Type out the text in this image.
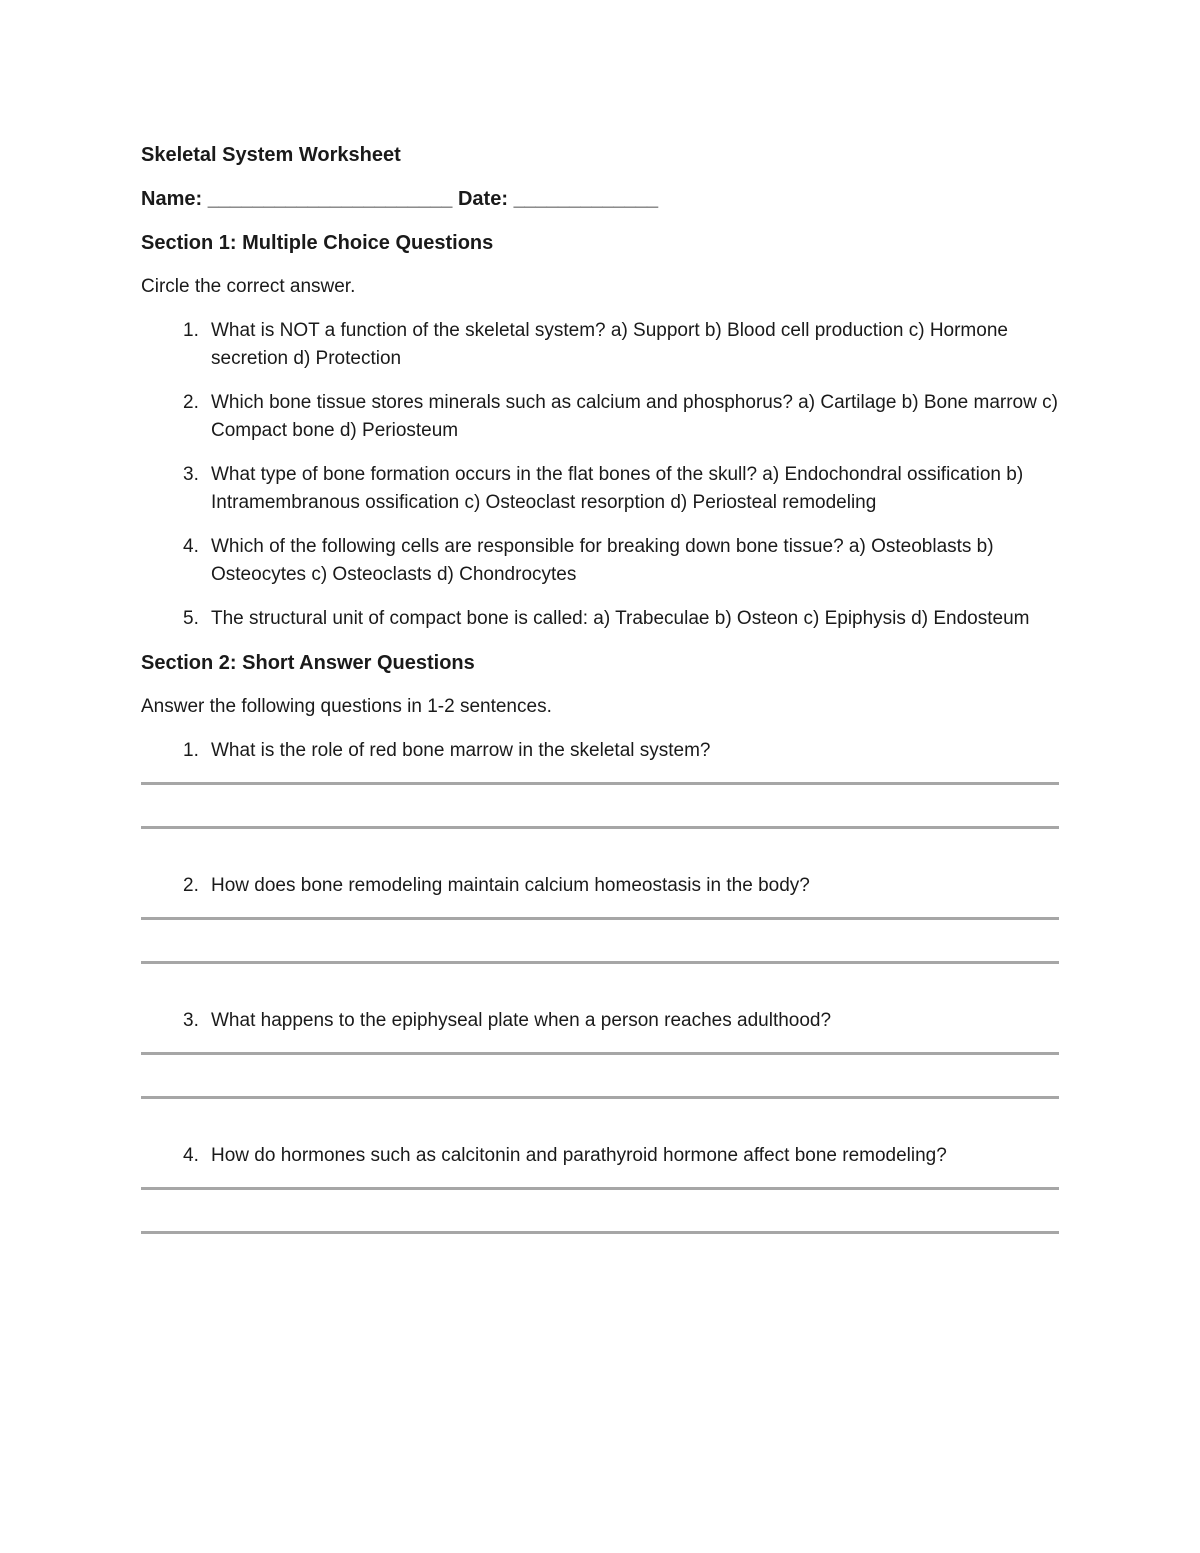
Skeletal System Worksheet
Name: ______________________ Date: _____________
Section 1: Multiple Choice Questions
Circle the correct answer.
1. What is NOT a function of the skeletal system? a) Support b) Blood cell production c) Hormone secretion d) Protection
2. Which bone tissue stores minerals such as calcium and phosphorus? a) Cartilage b) Bone marrow c) Compact bone d) Periosteum
3. What type of bone formation occurs in the flat bones of the skull? a) Endochondral ossification b) Intramembranous ossification c) Osteoclast resorption d) Periosteal remodeling
4. Which of the following cells are responsible for breaking down bone tissue? a) Osteoblasts b) Osteocytes c) Osteoclasts d) Chondrocytes
5. The structural unit of compact bone is called: a) Trabeculae b) Osteon c) Epiphysis d) Endosteum
Section 2: Short Answer Questions
Answer the following questions in 1-2 sentences.
1. What is the role of red bone marrow in the skeletal system?
2. How does bone remodeling maintain calcium homeostasis in the body?
3. What happens to the epiphyseal plate when a person reaches adulthood?
4. How do hormones such as calcitonin and parathyroid hormone affect bone remodeling?
